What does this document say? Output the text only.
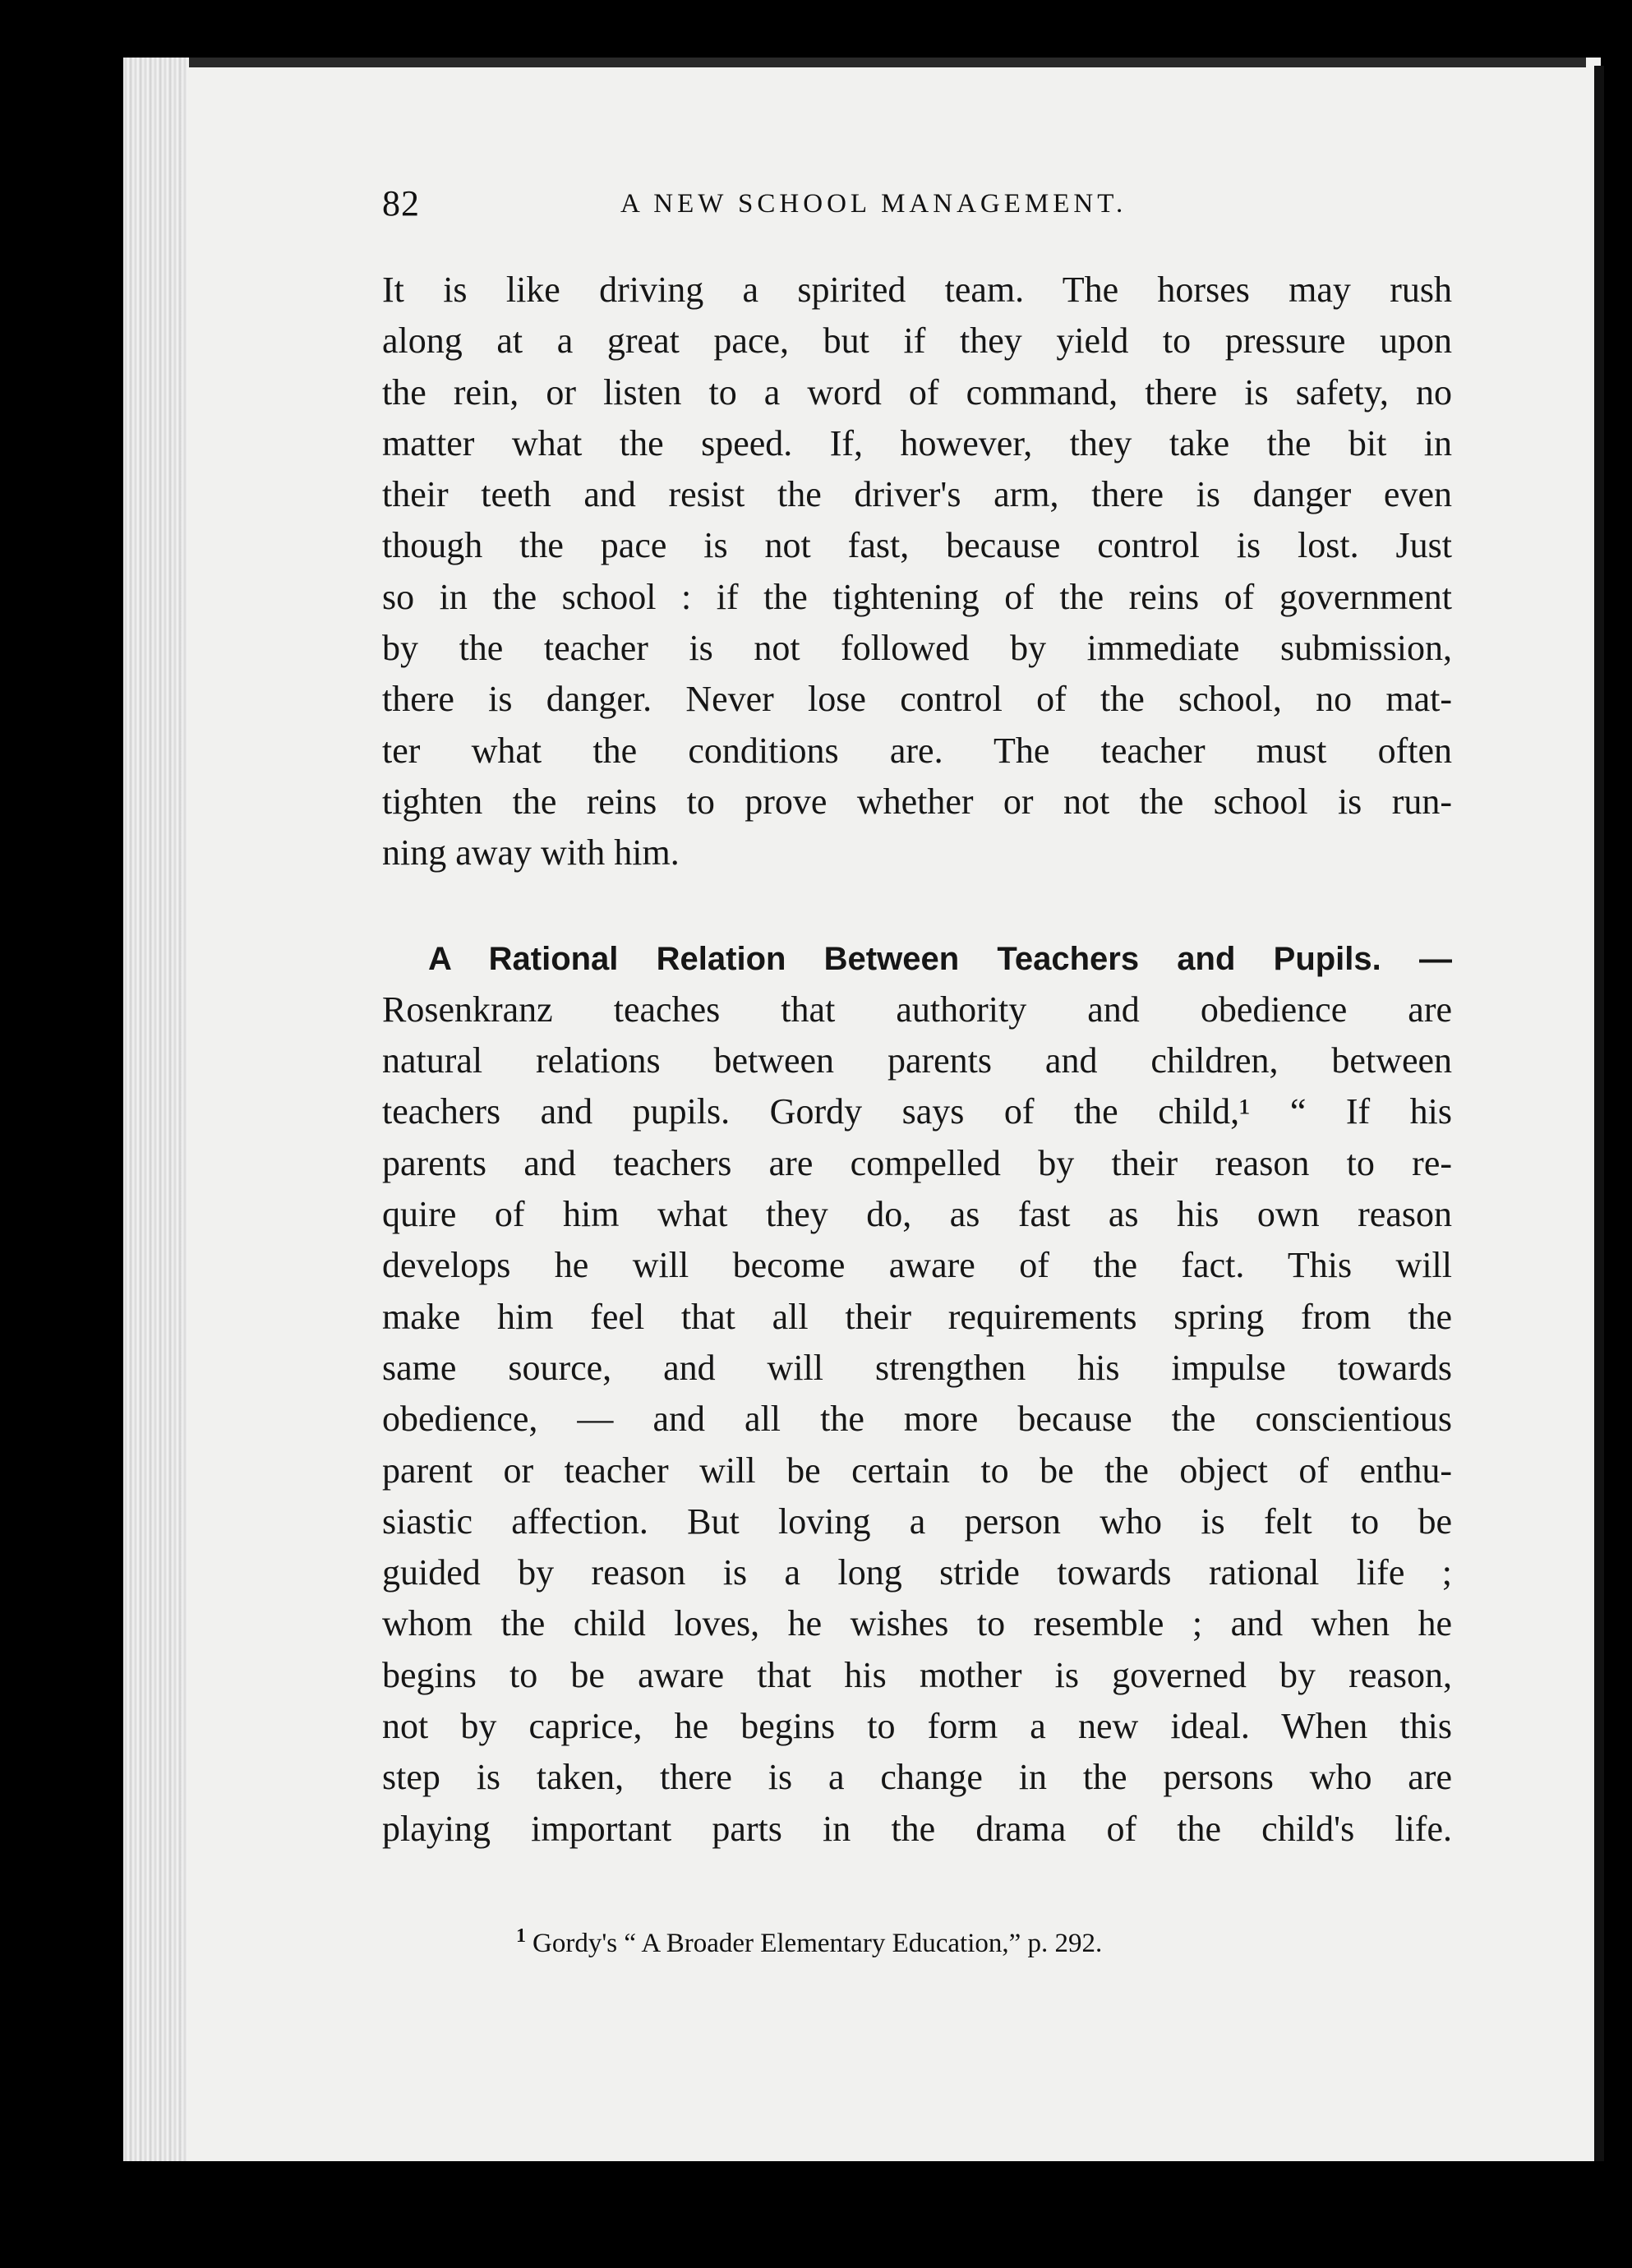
82	A NEW SCHOOL MANAGEMENT.
It is like driving a spirited team. The horses may rush
along at a great pace, but if they yield to pressure upon
the rein, or listen to a word of command, there is safety, no
matter what the speed. If, however, they take the bit in
their teeth and resist the driver's arm, there is danger even
though the pace is not fast, because control is lost. Just
so in the school : if the tightening of the reins of government
by the teacher is not followed by immediate submission,
there is danger. Never lose control of the school, no mat-
ter what the conditions are. The teacher must often
tighten the reins to prove whether or not the school is run-
ning away with him.
A Rational Relation Between Teachers and Pupils. —
Rosenkranz teaches that authority and obedience are
natural relations between parents and children, between
teachers and pupils. Gordy says of the child,¹ “ If his
parents and teachers are compelled by their reason to re-
quire of him what they do, as fast as his own reason
develops he will become aware of the fact. This will
make him feel that all their requirements spring from the
same source, and will strengthen his impulse towards
obedience, — and all the more because the conscientious
parent or teacher will be certain to be the object of enthu-
siastic affection. But loving a person who is felt to be
guided by reason is a long stride towards rational life ;
whom the child loves, he wishes to resemble ; and when he
begins to be aware that his mother is governed by reason,
not by caprice, he begins to form a new ideal. When this
step is taken, there is a change in the persons who are
playing important parts in the drama of the child's life.
$^1$ Gordy's “ A Broader Elementary Education,” p. 292.
